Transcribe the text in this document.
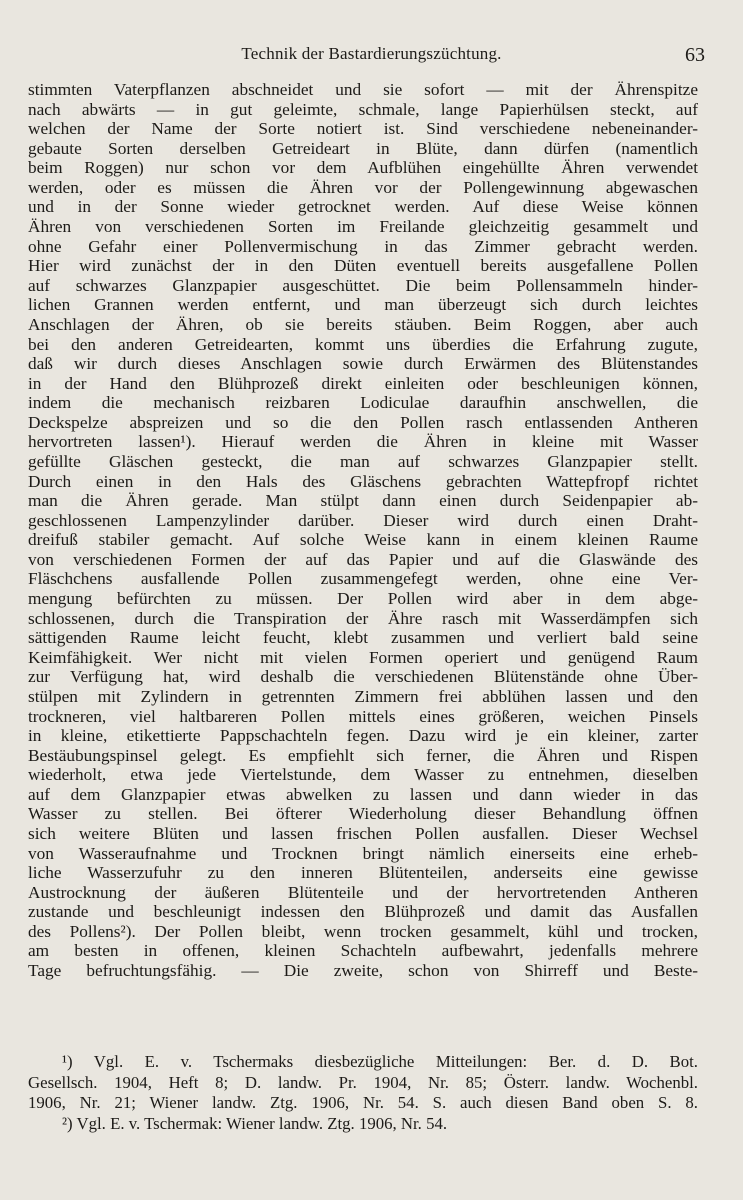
Technik der Bastardierungszüchtung.	63
stimmten Vaterpflanzen abschneidet und sie sofort — mit der Ährenspitze
nach abwärts — in gut geleimte, schmale, lange Papierhülsen steckt, auf
welchen der Name der Sorte notiert ist. Sind verschiedene nebeneinander-
gebaute Sorten derselben Getreideart in Blüte, dann dürfen (namentlich
beim Roggen) nur schon vor dem Aufblühen eingehüllte Ähren verwendet
werden, oder es müssen die Ähren vor der Pollengewinnung abgewaschen
und in der Sonne wieder getrocknet werden. Auf diese Weise können
Ähren von verschiedenen Sorten im Freilande gleichzeitig gesammelt und
ohne Gefahr einer Pollenvermischung in das Zimmer gebracht werden.
Hier wird zunächst der in den Düten eventuell bereits ausgefallene Pollen
auf schwarzes Glanzpapier ausgeschüttet. Die beim Pollensammeln hinder-
lichen Grannen werden entfernt, und man überzeugt sich durch leichtes
Anschlagen der Ähren, ob sie bereits stäuben. Beim Roggen, aber auch
bei den anderen Getreidearten, kommt uns überdies die Erfahrung zugute,
daß wir durch dieses Anschlagen sowie durch Erwärmen des Blütenstandes
in der Hand den Blühprozeß direkt einleiten oder beschleunigen können,
indem die mechanisch reizbaren Lodiculae daraufhin anschwellen, die
Deckspelze abspreizen und so die den Pollen rasch entlassenden Antheren
hervortreten lassen¹). Hierauf werden die Ähren in kleine mit Wasser
gefüllte Gläschen gesteckt, die man auf schwarzes Glanzpapier stellt.
Durch einen in den Hals des Gläschens gebrachten Wattepfropf richtet
man die Ähren gerade. Man stülpt dann einen durch Seidenpapier ab-
geschlossenen Lampenzylinder darüber. Dieser wird durch einen Draht-
dreifuß stabiler gemacht. Auf solche Weise kann in einem kleinen Raume
von verschiedenen Formen der auf das Papier und auf die Glaswände des
Fläschchens ausfallende Pollen zusammengefegt werden, ohne eine Ver-
mengung befürchten zu müssen. Der Pollen wird aber in dem abge-
schlossenen, durch die Transpiration der Ähre rasch mit Wasserdämpfen sich
sättigenden Raume leicht feucht, klebt zusammen und verliert bald seine
Keimfähigkeit. Wer nicht mit vielen Formen operiert und genügend Raum
zur Verfügung hat, wird deshalb die verschiedenen Blütenstände ohne Über-
stülpen mit Zylindern in getrennten Zimmern frei abblühen lassen und den
trockneren, viel haltbareren Pollen mittels eines größeren, weichen Pinsels
in kleine, etikettierte Pappschachteln fegen. Dazu wird je ein kleiner, zarter
Bestäubungspinsel gelegt. Es empfiehlt sich ferner, die Ähren und Rispen
wiederholt, etwa jede Viertelstunde, dem Wasser zu entnehmen, dieselben
auf dem Glanzpapier etwas abwelken zu lassen und dann wieder in das
Wasser zu stellen. Bei öfterer Wiederholung dieser Behandlung öffnen
sich weitere Blüten und lassen frischen Pollen ausfallen. Dieser Wechsel
von Wasseraufnahme und Trocknen bringt nämlich einerseits eine erheb-
liche Wasserzufuhr zu den inneren Blütenteilen, anderseits eine gewisse
Austrocknung der äußeren Blütenteile und der hervortretenden Antheren
zustande und beschleunigt indessen den Blühprozeß und damit das Ausfallen
des Pollens²). Der Pollen bleibt, wenn trocken gesammelt, kühl und trocken,
am besten in offenen, kleinen Schachteln aufbewahrt, jedenfalls mehrere
Tage befruchtungsfähig. — Die zweite, schon von Shirreff und Beste-
¹) Vgl. E. v. Tschermaks diesbezügliche Mitteilungen: Ber. d. D. Bot.
Gesellsch. 1904, Heft 8; D. landw. Pr. 1904, Nr. 85; Österr. landw. Wochenbl.
1906, Nr. 21; Wiener landw. Ztg. 1906, Nr. 54. S. auch diesen Band oben S. 8.
²) Vgl. E. v. Tschermak: Wiener landw. Ztg. 1906, Nr. 54.
